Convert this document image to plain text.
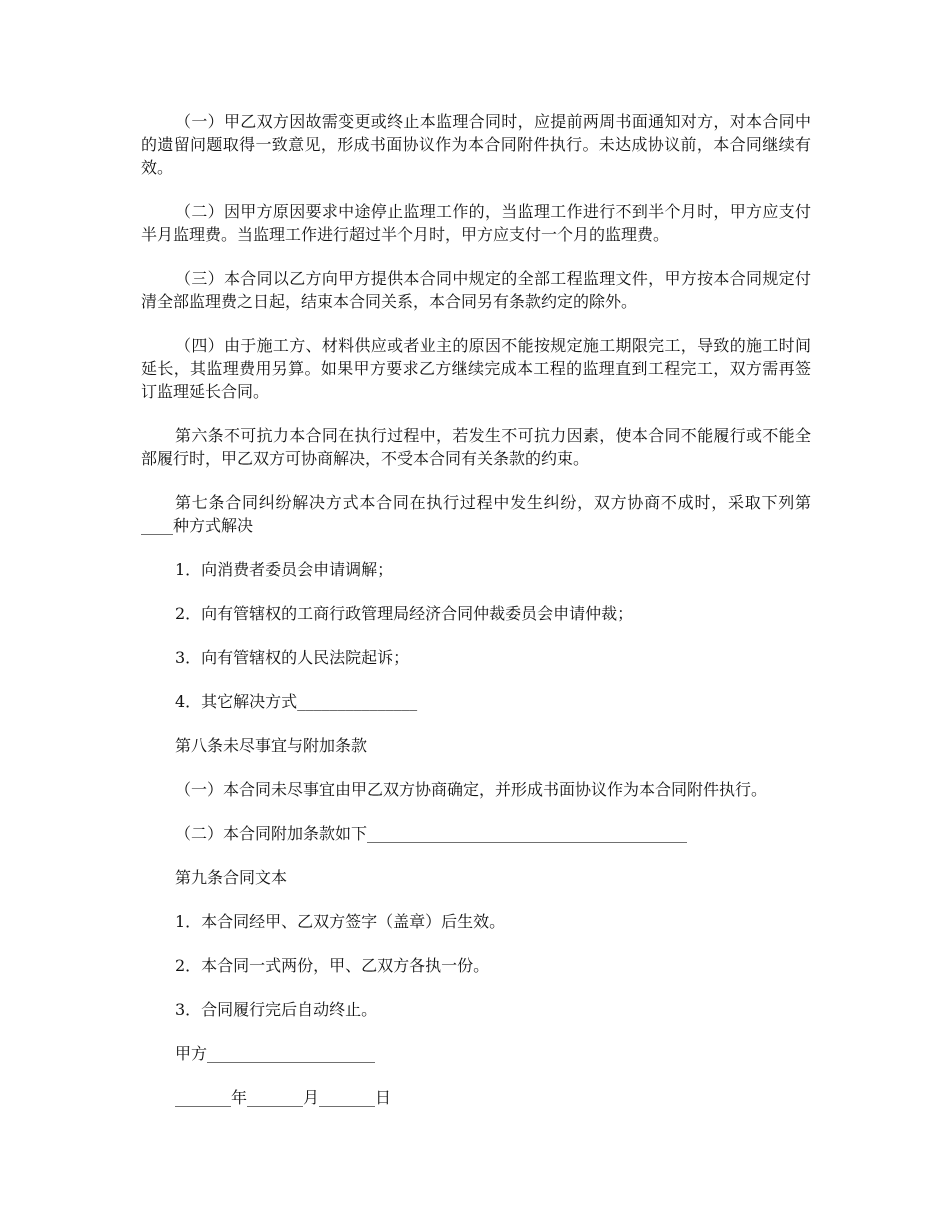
（一）甲乙双方因故需变更或终止本监理合同时，应提前两周书面通知对方，对本合同中的遗留问题取得一致意见，形成书面协议作为本合同附件执行。未达成协议前，本合同继续有效。

（二）因甲方原因要求中途停止监理工作的，当监理工作进行不到半个月时，甲方应支付半月监理费。当监理工作进行超过半个月时，甲方应支付一个月的监理费。

（三）本合同以乙方向甲方提供本合同中规定的全部工程监理文件，甲方按本合同规定付清全部监理费之日起，结束本合同关系，本合同另有条款约定的除外。

（四）由于施工方、材料供应或者业主的原因不能按规定施工期限完工，导致的施工时间延长，其监理费用另算。如果甲方要求乙方继续完成本工程的监理直到工程完工，双方需再签订监理延长合同。

第六条不可抗力本合同在执行过程中，若发生不可抗力因素，使本合同不能履行或不能全部履行时，甲乙双方可协商解决，不受本合同有关条款的约束。

第七条合同纠纷解决方式本合同在执行过程中发生纠纷，双方协商不成时，采取下列第____种方式解决

1．向消费者委员会申请调解；

2．向有管辖权的工商行政管理局经济合同仲裁委员会申请仲裁；

3．向有管辖权的人民法院起诉；

4．其它解决方式_______________

第八条未尽事宜与附加条款

（一）本合同未尽事宜由甲乙双方协商确定，并形成书面协议作为本合同附件执行。

（二）本合同附加条款如下________________________________________

第九条合同文本

1．本合同经甲、乙双方签字（盖章）后生效。

2．本合同一式两份，甲、乙双方各执一份。

3．合同履行完后自动终止。

甲方_____________________

_______年_______月_______日
